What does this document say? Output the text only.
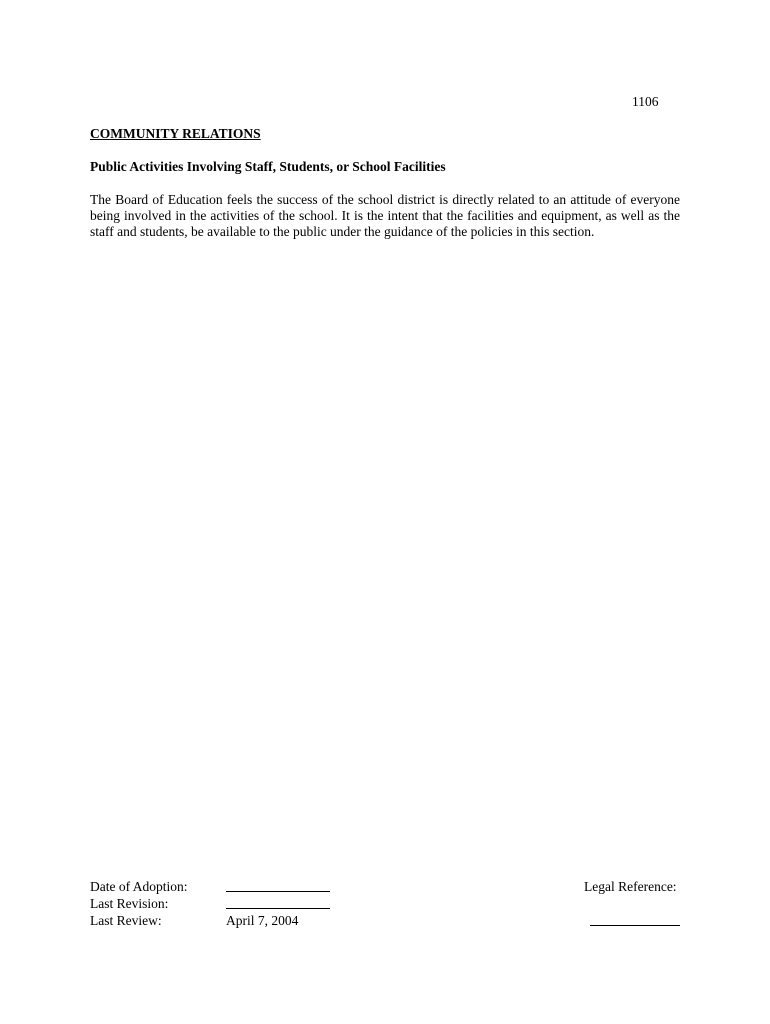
1106
COMMUNITY RELATIONS
Public Activities Involving Staff, Students, or School Facilities

The Board of Education feels the success of the school district is directly related to an attitude of everyone being involved in the activities of the school. It is the intent that the facilities and equipment, as well as the staff and students, be available to the public under the guidance of the policies in this section.

Date of Adoption:
Last Revision:
Last Review:	April 7, 2004
Legal Reference:
